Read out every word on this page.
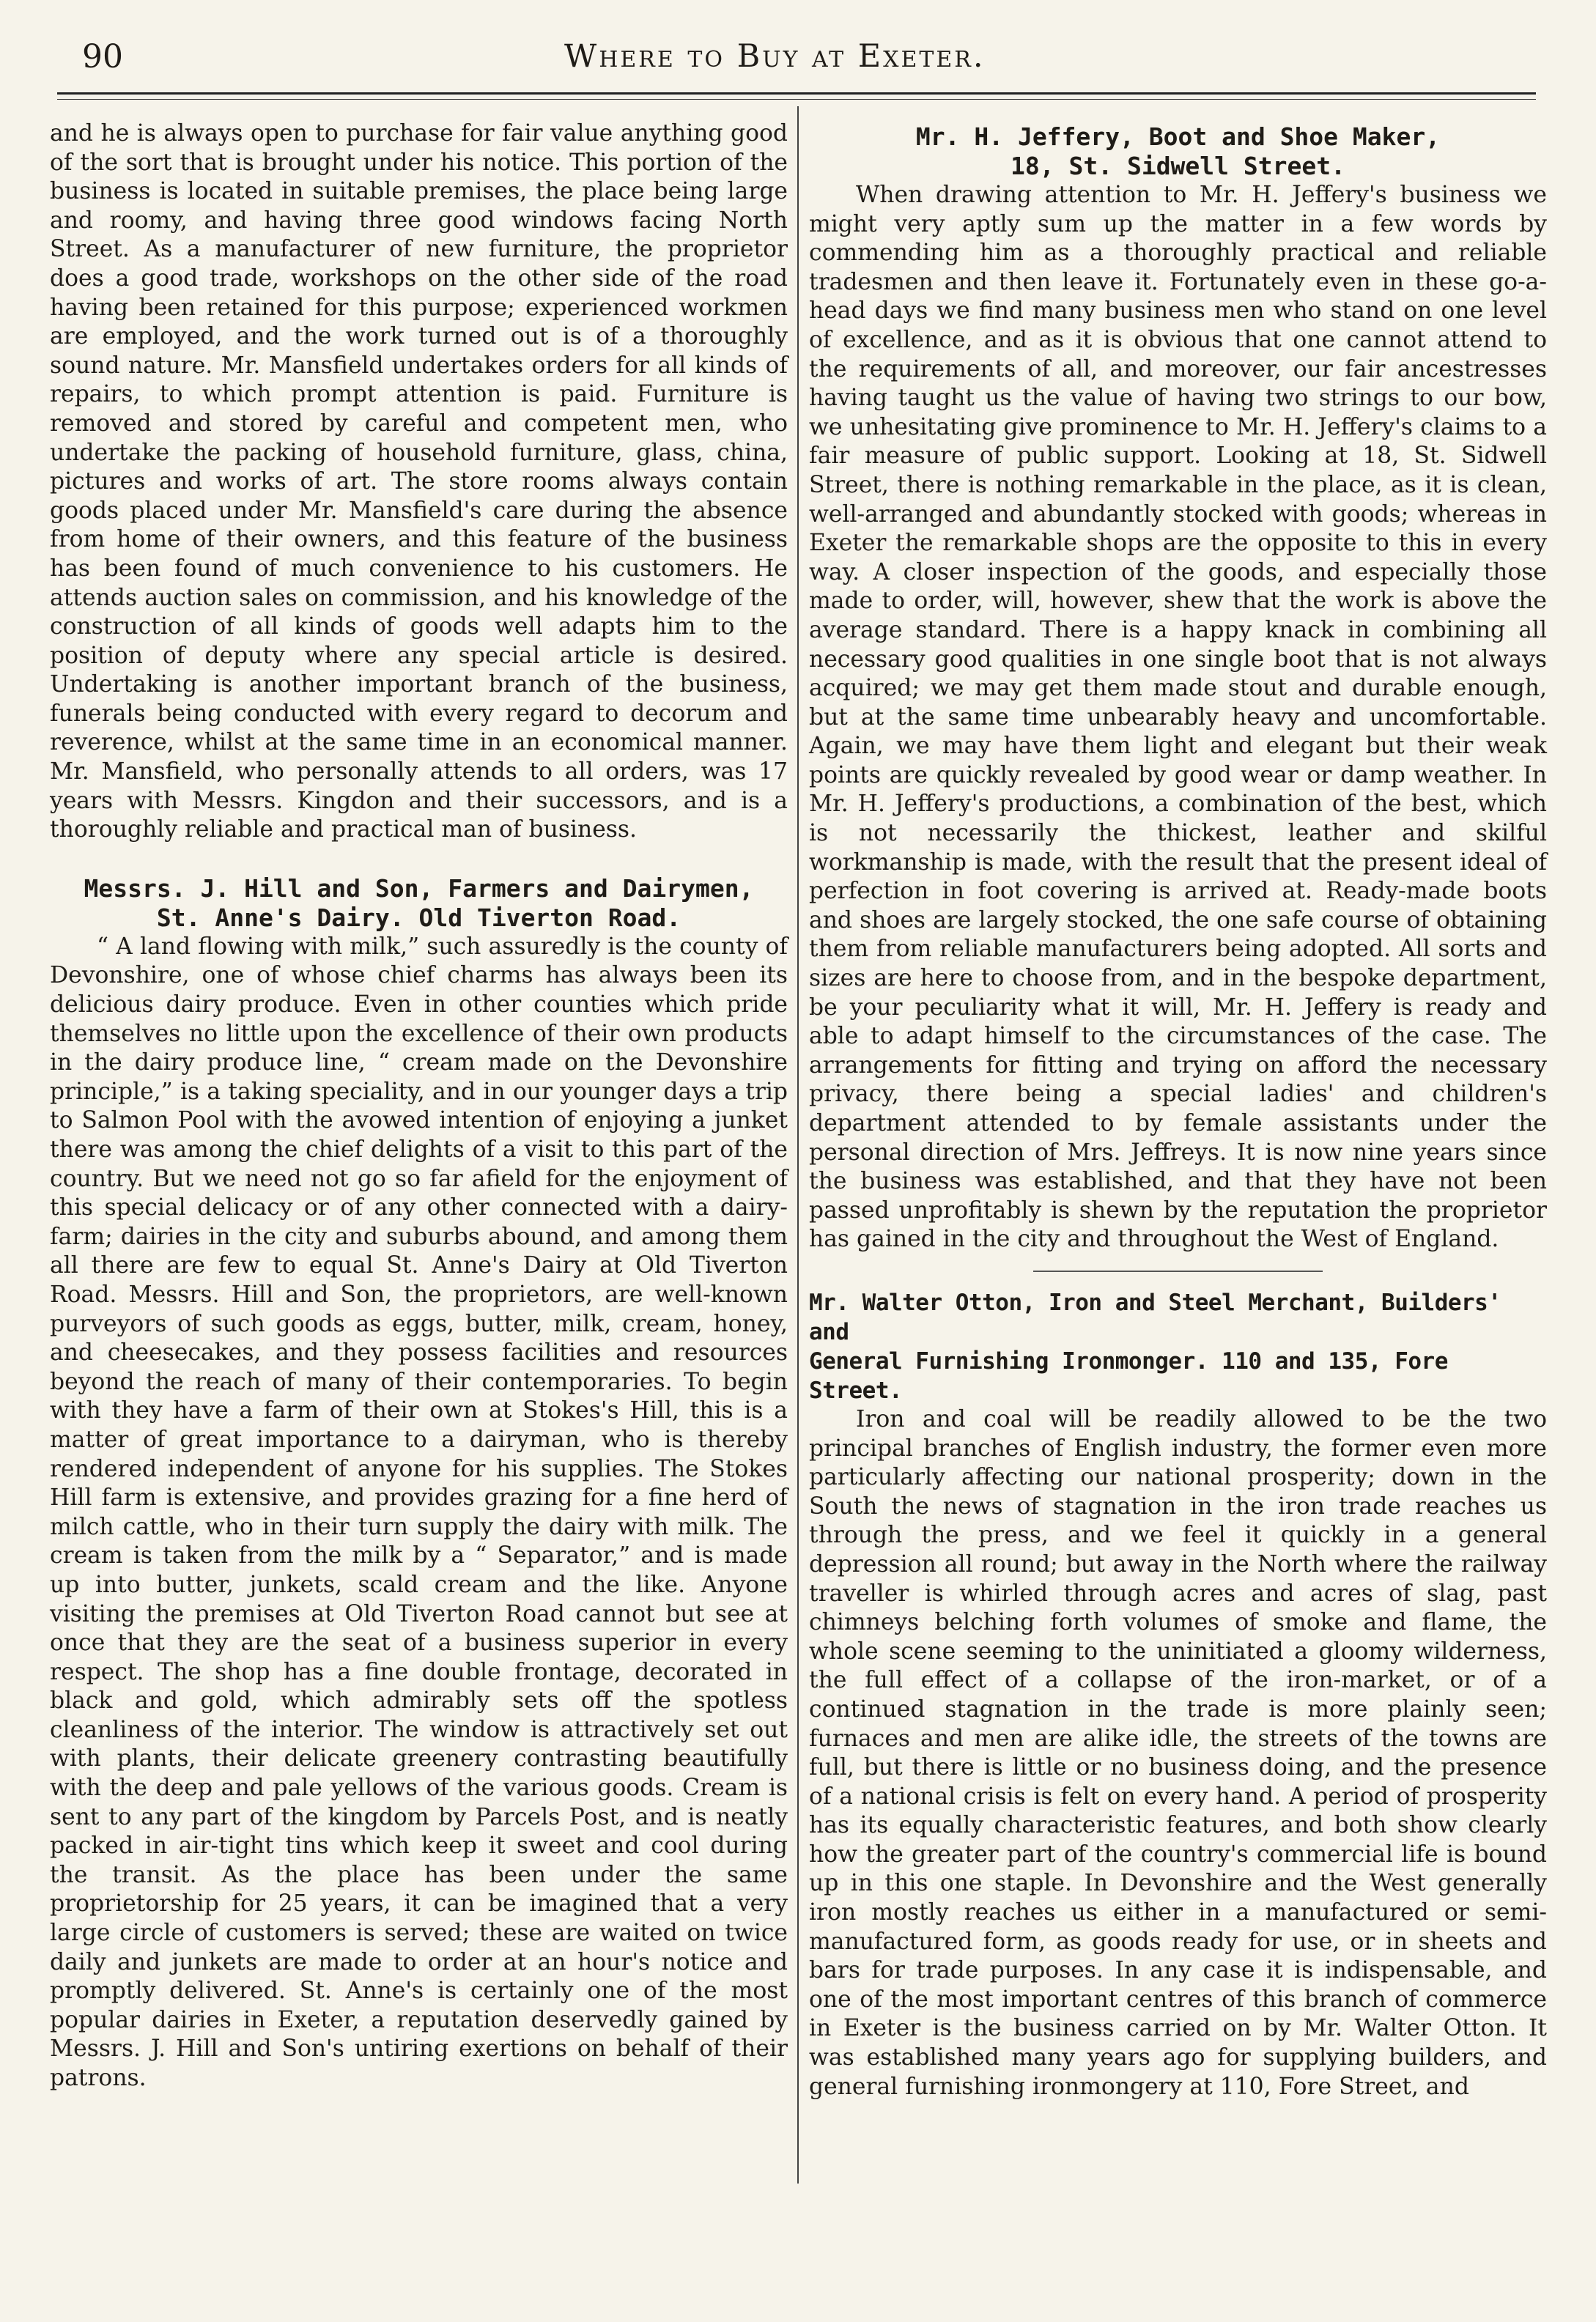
90	Where to Buy at Exeter.

and he is always open to purchase for fair value anything good of the sort that is brought under his notice. This portion of the business is located in suitable premises, the place being large and roomy, and having three good windows facing North Street. As a manufacturer of new furniture, the proprietor does a good trade, workshops on the other side of the road having been retained for this purpose; experienced workmen are employed, and the work turned out is of a thoroughly sound nature. Mr. Mansfield undertakes orders for all kinds of repairs, to which prompt attention is paid. Furniture is removed and stored by careful and competent men, who undertake the packing of household furniture, glass, china, pictures and works of art. The store rooms always contain goods placed under Mr. Mansfield's care during the absence from home of their owners, and this feature of the business has been found of much convenience to his customers. He attends auction sales on commission, and his knowledge of the construction of all kinds of goods well adapts him to the position of deputy where any special article is desired. Undertaking is another important branch of the business, funerals being conducted with every regard to decorum and reverence, whilst at the same time in an economical manner. Mr. Mansfield, who personally attends to all orders, was 17 years with Messrs. Kingdon and their successors, and is a thoroughly reliable and practical man of business.

Messrs. J. Hill and Son, Farmers and Dairymen,
St. Anne's Dairy. Old Tiverton Road.

“ A land flowing with milk,” such assuredly is the county of Devonshire, one of whose chief charms has always been its delicious dairy produce. Even in other counties which pride themselves no little upon the excellence of their own products in the dairy produce line, “ cream made on the Devonshire principle,” is a taking speciality, and in our younger days a trip to Salmon Pool with the avowed intention of enjoying a junket there was among the chief delights of a visit to this part of the country. But we need not go so far afield for the enjoyment of this special delicacy or of any other connected with a dairy-farm; dairies in the city and suburbs abound, and among them all there are few to equal St. Anne's Dairy at Old Tiverton Road. Messrs. Hill and Son, the proprietors, are well-known purveyors of such goods as eggs, butter, milk, cream, honey, and cheesecakes, and they possess facilities and resources beyond the reach of many of their contemporaries. To begin with they have a farm of their own at Stokes's Hill, this is a matter of great importance to a dairyman, who is thereby rendered independent of anyone for his supplies. The Stokes Hill farm is extensive, and provides grazing for a fine herd of milch cattle, who in their turn supply the dairy with milk. The cream is taken from the milk by a “ Separator,” and is made up into butter, junkets, scald cream and the like. Anyone visiting the premises at Old Tiverton Road cannot but see at once that they are the seat of a business superior in every respect. The shop has a fine double frontage, decorated in black and gold, which admirably sets off the spotless cleanliness of the interior. The window is attractively set out with plants, their delicate greenery contrasting beautifully with the deep and pale yellows of the various goods. Cream is sent to any part of the kingdom by Parcels Post, and is neatly packed in air-tight tins which keep it sweet and cool during the transit. As the place has been under the same proprietorship for 25 years, it can be imagined that a very large circle of customers is served; these are waited on twice daily and junkets are made to order at an hour's notice and promptly delivered. St. Anne's is certainly one of the most popular dairies in Exeter, a reputation deservedly gained by Messrs. J. Hill and Son's untiring exertions on behalf of their patrons.

Mr. H. Jeffery, Boot and Shoe Maker,
18, St. Sidwell Street.

When drawing attention to Mr. H. Jeffery's business we might very aptly sum up the matter in a few words by commending him as a thoroughly practical and reliable tradesmen and then leave it. Fortunately even in these go-a-head days we find many business men who stand on one level of excellence, and as it is obvious that one cannot attend to the requirements of all, and moreover, our fair ancestresses having taught us the value of having two strings to our bow, we unhesitating give prominence to Mr. H. Jeffery's claims to a fair measure of public support. Looking at 18, St. Sidwell Street, there is nothing remarkable in the place, as it is clean, well-arranged and abundantly stocked with goods; whereas in Exeter the remarkable shops are the opposite to this in every way. A closer inspection of the goods, and especially those made to order, will, however, shew that the work is above the average standard. There is a happy knack in combining all necessary good qualities in one single boot that is not always acquired; we may get them made stout and durable enough, but at the same time unbearably heavy and uncomfortable. Again, we may have them light and elegant but their weak points are quickly revealed by good wear or damp weather. In Mr. H. Jeffery's productions, a combination of the best, which is not necessarily the thickest, leather and skilful workmanship is made, with the result that the present ideal of perfection in foot covering is arrived at. Ready-made boots and shoes are largely stocked, the one safe course of obtaining them from reliable manufacturers being adopted. All sorts and sizes are here to choose from, and in the bespoke department, be your peculiarity what it will, Mr. H. Jeffery is ready and able to adapt himself to the circumstances of the case. The arrangements for fitting and trying on afford the necessary privacy, there being a special ladies' and children's department attended to by female assistants under the personal direction of Mrs. Jeffreys. It is now nine years since the business was established, and that they have not been passed unprofitably is shewn by the reputation the proprietor has gained in the city and throughout the West of England.

Mr. Walter Otton, Iron and Steel Merchant, Builders' and
General Furnishing Ironmonger. 110 and 135, Fore Street.

Iron and coal will be readily allowed to be the two principal branches of English industry, the former even more particularly affecting our national prosperity; down in the South the news of stagnation in the iron trade reaches us through the press, and we feel it quickly in a general depression all round; but away in the North where the railway traveller is whirled through acres and acres of slag, past chimneys belching forth volumes of smoke and flame, the whole scene seeming to the uninitiated a gloomy wilderness, the full effect of a collapse of the iron-market, or of a continued stagnation in the trade is more plainly seen; furnaces and men are alike idle, the streets of the towns are full, but there is little or no business doing, and the presence of a national crisis is felt on every hand. A period of prosperity has its equally characteristic features, and both show clearly how the greater part of the country's commercial life is bound up in this one staple. In Devonshire and the West generally iron mostly reaches us either in a manufactured or semi-manufactured form, as goods ready for use, or in sheets and bars for trade purposes. In any case it is indispensable, and one of the most important centres of this branch of commerce in Exeter is the business carried on by Mr. Walter Otton. It was established many years ago for supplying builders, and general furnishing ironmongery at 110, Fore Street, and
